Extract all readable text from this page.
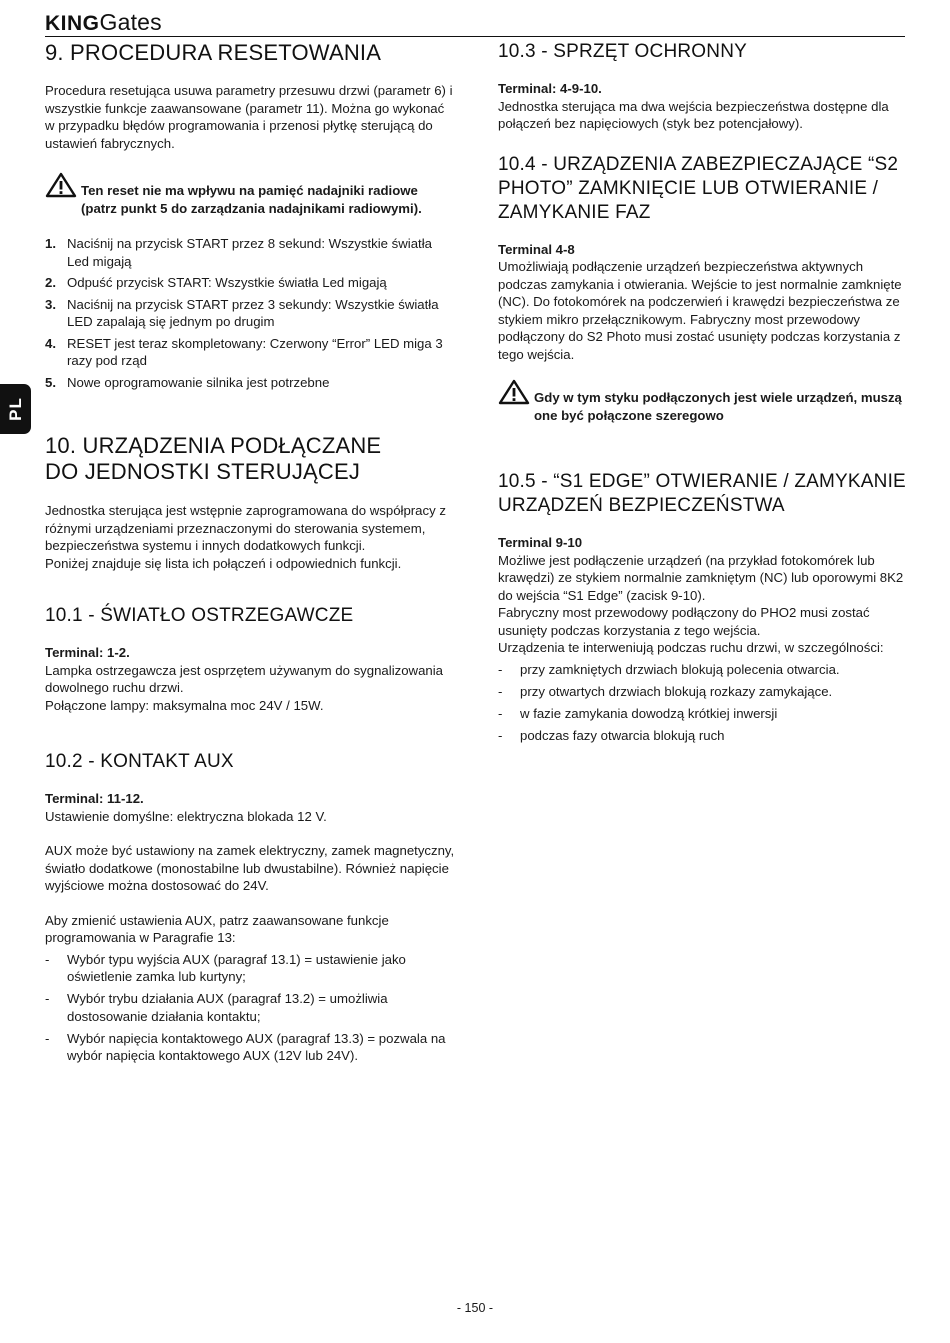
KINGGates
PL
9. PROCEDURA RESETOWANIA

Procedura resetująca usuwa parametry przesuwu drzwi (parametr 6) i wszystkie funkcje zaawansowane (parametr 11). Można go wykonać w przypadku błędów programowania i przenosi płytkę sterującą do ustawień fabrycznych.

Ten reset nie ma wpływu na pamięć nadajniki radiowe (patrz punkt 5 do zarządzania nadajnikami radiowymi).
1. Naciśnij na przycisk START przez 8 sekund: Wszystkie światła Led migają
2. Odpuść przycisk START: Wszystkie światła Led migają
3. Naciśnij na przycisk START przez 3 sekundy: Wszystkie światła LED zapalają się jednym po drugim
4. RESET jest teraz skompletowany: Czerwony “Error” LED miga 3 razy pod rząd
5. Nowe oprogramowanie silnika jest potrzebne
10. URZĄDZENIA PODŁĄCZANE
DO JEDNOSTKI STERUJĄCEJ

Jednostka sterująca jest wstępnie zaprogramowana do współpracy z różnymi urządzeniami przeznaczonymi do sterowania systemem, bezpieczeństwa systemu i innych dodatkowych funkcji.

Poniżej znajduje się lista ich połączeń i odpowiednich funkcji.

10.1 - ŚWIATŁO OSTRZEGAWCZE

Terminal: 1-2.

Lampka ostrzegawcza jest osprzętem używanym do sygnalizowania dowolnego ruchu drzwi.

Połączone lampy: maksymalna moc 24V / 15W.

10.2 - KONTAKT AUX

Terminal: 11-12.

Ustawienie domyślne: elektryczna blokada 12 V.

AUX może być ustawiony na zamek elektryczny, zamek magnetyczny, światło dodatkowe (monostabilne lub dwustabilne). Również napięcie wyjściowe można dostosować do 24V.

Aby zmienić ustawienia AUX, patrz zaawansowane funkcje programowania w Paragrafie 13:

-	Wybór typu wyjścia AUX (paragraf 13.1) = ustawienie jako oświetlenie zamka lub kurtyny;
-	Wybór trybu działania AUX (paragraf 13.2) = umożliwia dostosowanie działania kontaktu;
-	Wybór napięcia kontaktowego AUX (paragraf 13.3) = pozwala na wybór napięcia kontaktowego AUX (12V lub 24V).
10.3 - SPRZĘT OCHRONNY

Terminal: 4-9-10.

Jednostka sterująca ma dwa wejścia bezpieczeństwa dostępne dla połączeń bez napięciowych (styk bez potencjałowy).

10.4 - URZĄDZENIA ZABEZPIECZAJĄCE “S2
PHOTO” ZAMKNIĘCIE LUB OTWIERANIE /
ZAMYKANIE FAZ

Terminal 4-8

Umożliwiają podłączenie urządzeń bezpieczeństwa aktywnych podczas zamykania i otwierania. Wejście to jest normalnie zamknięte (NC). Do fotokomórek na podczerwień i krawędzi bezpieczeństwa ze stykiem mikro przełącznikowym. Fabryczny most przewodowy podłączony do S2 Photo musi zostać usunięty podczas korzystania z tego wejścia.

Gdy w tym styku podłączonych jest wiele urządzeń, muszą one być połączone szeregowo
10.5 - “S1 EDGE” OTWIERANIE / ZAMYKANIE
URZĄDZEŃ BEZPIECZEŃSTWA

Terminal 9-10

Możliwe jest podłączenie urządzeń (na przykład fotokomórek lub krawędzi) ze stykiem normalnie zamkniętym (NC) lub oporowymi 8K2 do wejścia “S1 Edge” (zacisk 9-10).

Fabryczny most przewodowy podłączony do PHO2 musi zostać usunięty podczas korzystania z tego wejścia.

Urządzenia te interweniują podczas ruchu drzwi, w szczególności:

-	przy zamkniętych drzwiach blokują polecenia otwarcia.
-	przy otwartych drzwiach blokują rozkazy zamykające.
-	w fazie zamykania dowodzą krótkiej inwersji
-	podczas fazy otwarcia blokują ruch
- 150 -
